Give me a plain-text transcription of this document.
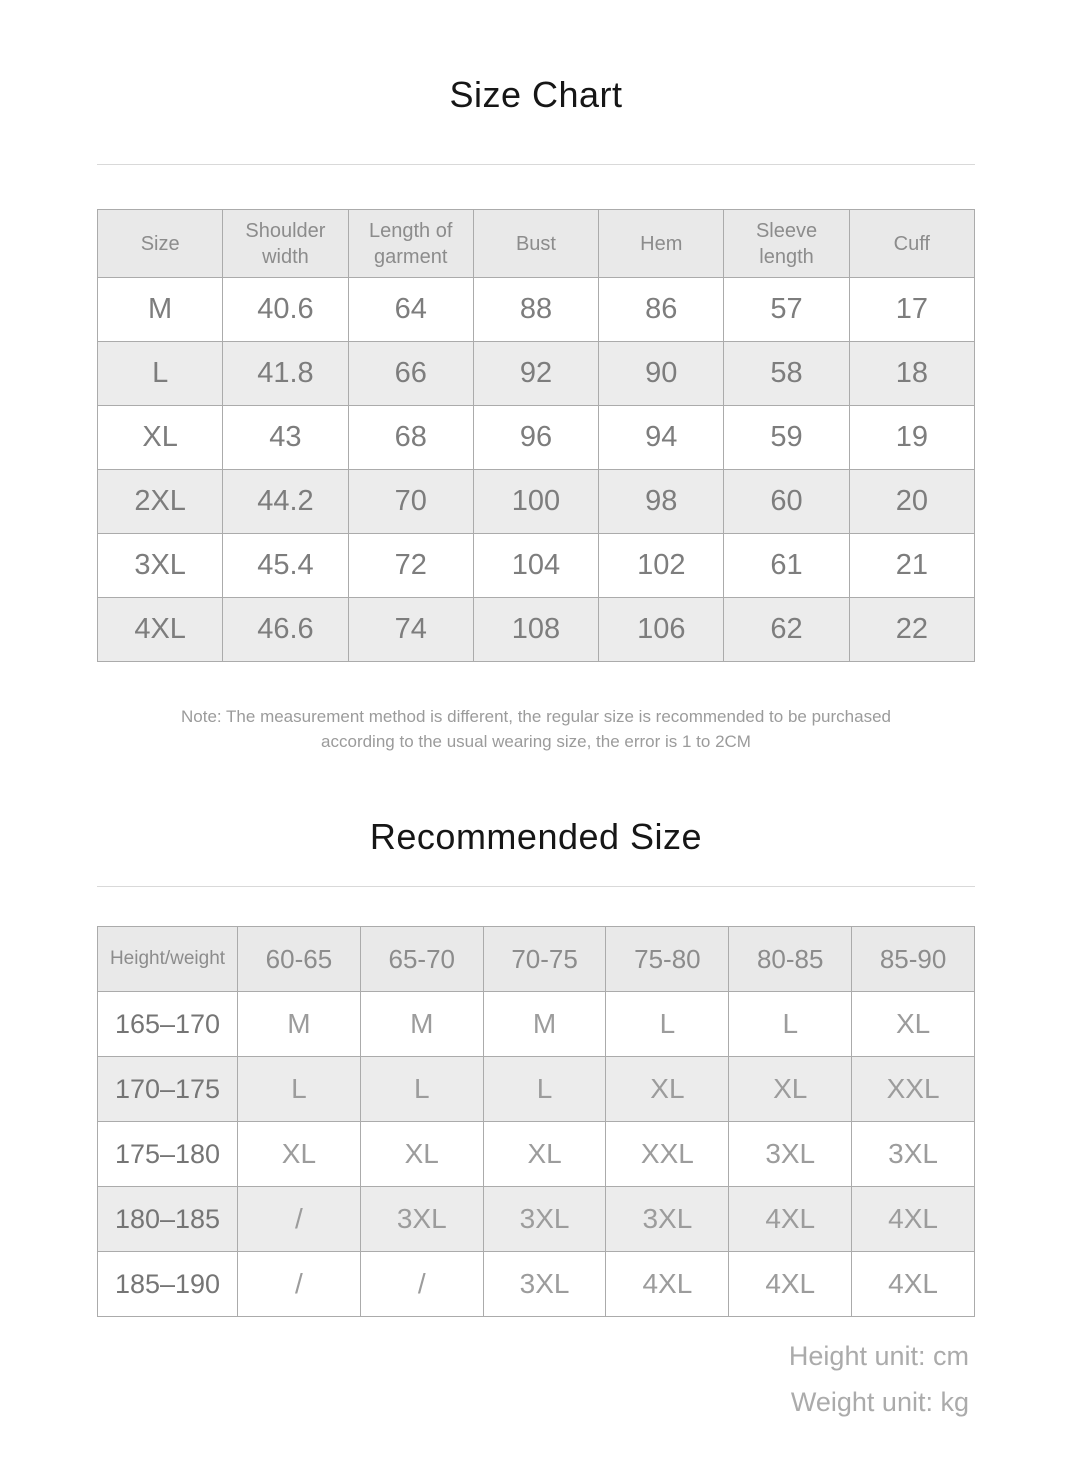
Size Chart
Size	Shoulder width	Length of garment	Bust	Hem	Sleeve length	Cuff
M	40.6	64	88	86	57	17
L	41.8	66	92	90	58	18
XL	43	68	96	94	59	19
2XL	44.2	70	100	98	60	20
3XL	45.4	72	104	102	61	21
4XL	46.6	74	108	106	62	22
Note: The measurement method is different, the regular size is recommended to be purchased
according to the usual wearing size, the error is 1 to 2CM
Recommended Size
Height/weight	60-65	65-70	70-75	75-80	80-85	85-90
165–170	M	M	M	L	L	XL
170–175	L	L	L	XL	XL	XXL
175–180	XL	XL	XL	XXL	3XL	3XL
180–185	/	3XL	3XL	3XL	4XL	4XL
185–190	/	/	3XL	4XL	4XL	4XL
Height unit: cm
Weight unit: kg
